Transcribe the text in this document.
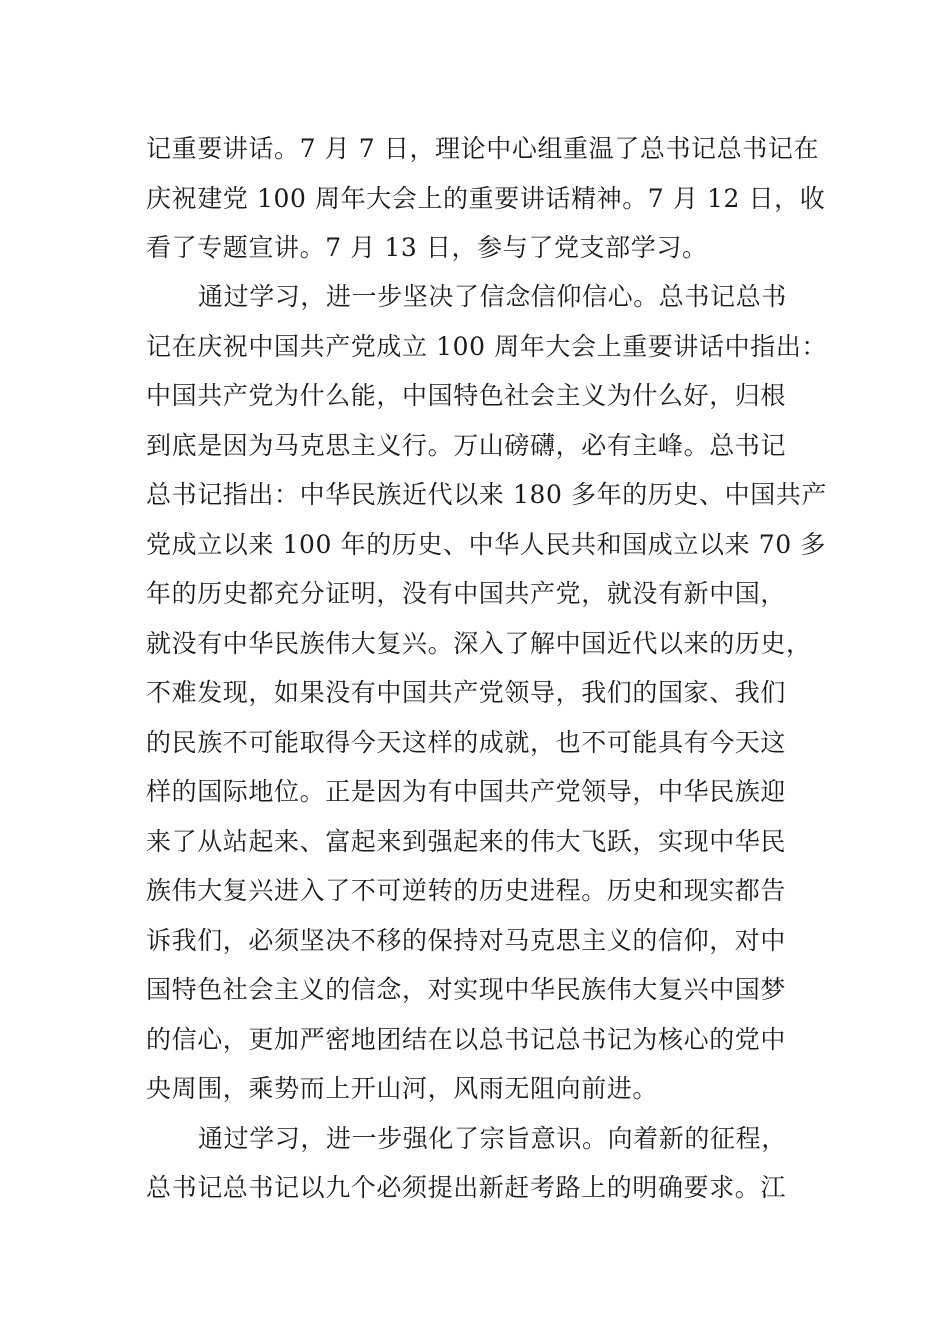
记重要讲话。7 月 7 日，理论中心组重温了总书记总书记在
庆祝建党 100 周年大会上的重要讲话精神。7 月 12 日，收
看了专题宣讲。7 月 13 日，参与了党支部学习。
通过学习，进一步坚决了信念信仰信心。总书记总书
记在庆祝中国共产党成立 100 周年大会上重要讲话中指出：
中国共产党为什么能，中国特色社会主义为什么好，归根
到底是因为马克思主义行。万山磅礴，必有主峰。总书记
总书记指出：中华民族近代以来 180 多年的历史、中国共产
党成立以来 100 年的历史、中华人民共和国成立以来 70 多
年的历史都充分证明，没有中国共产党，就没有新中国，
就没有中华民族伟大复兴。深入了解中国近代以来的历史，
不难发现，如果没有中国共产党领导，我们的国家、我们
的民族不可能取得今天这样的成就，也不可能具有今天这
样的国际地位。正是因为有中国共产党领导，中华民族迎
来了从站起来、富起来到强起来的伟大飞跃，实现中华民
族伟大复兴进入了不可逆转的历史进程。历史和现实都告
诉我们，必须坚决不移的保持对马克思主义的信仰，对中
国特色社会主义的信念，对实现中华民族伟大复兴中国梦
的信心，更加严密地团结在以总书记总书记为核心的党中
央周围，乘势而上开山河，风雨无阻向前进。
通过学习，进一步强化了宗旨意识。向着新的征程，
总书记总书记以九个必须提出新赶考路上的明确要求。江
